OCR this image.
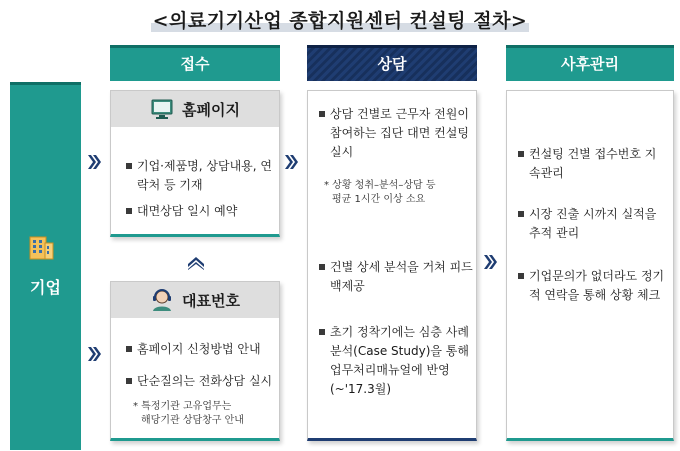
<의료기기산업 종합지원센터 컨설팅 절차>
기업
접수
홈페이지
기업·제품명, 상담내용, 연락처 등 기재
대면상담 일시 예약
대표번호
홈페이지 신청방법 안내
단순질의는 전화상담 실시
* 특정기관 고유업무는
해당기관 상담창구 안내
상담
상담 건별로 근무자 전원이 참여하는 집단 대면 컨설팅 실시
* 상황 청취–분석–상담 등
평균 1시간 이상 소요
건별 상세 분석을 거쳐 피드백제공
초기 정착기에는 심층 사례분석(Case Study)을 통해 업무처리매뉴얼에 반영(~'17.3월)
사후관리
컨설팅 건별 접수번호 지속관리
시장 진출 시까지 실적을 추적 관리
기업문의가 없더라도 정기적 연락을 통해 상황 체크
